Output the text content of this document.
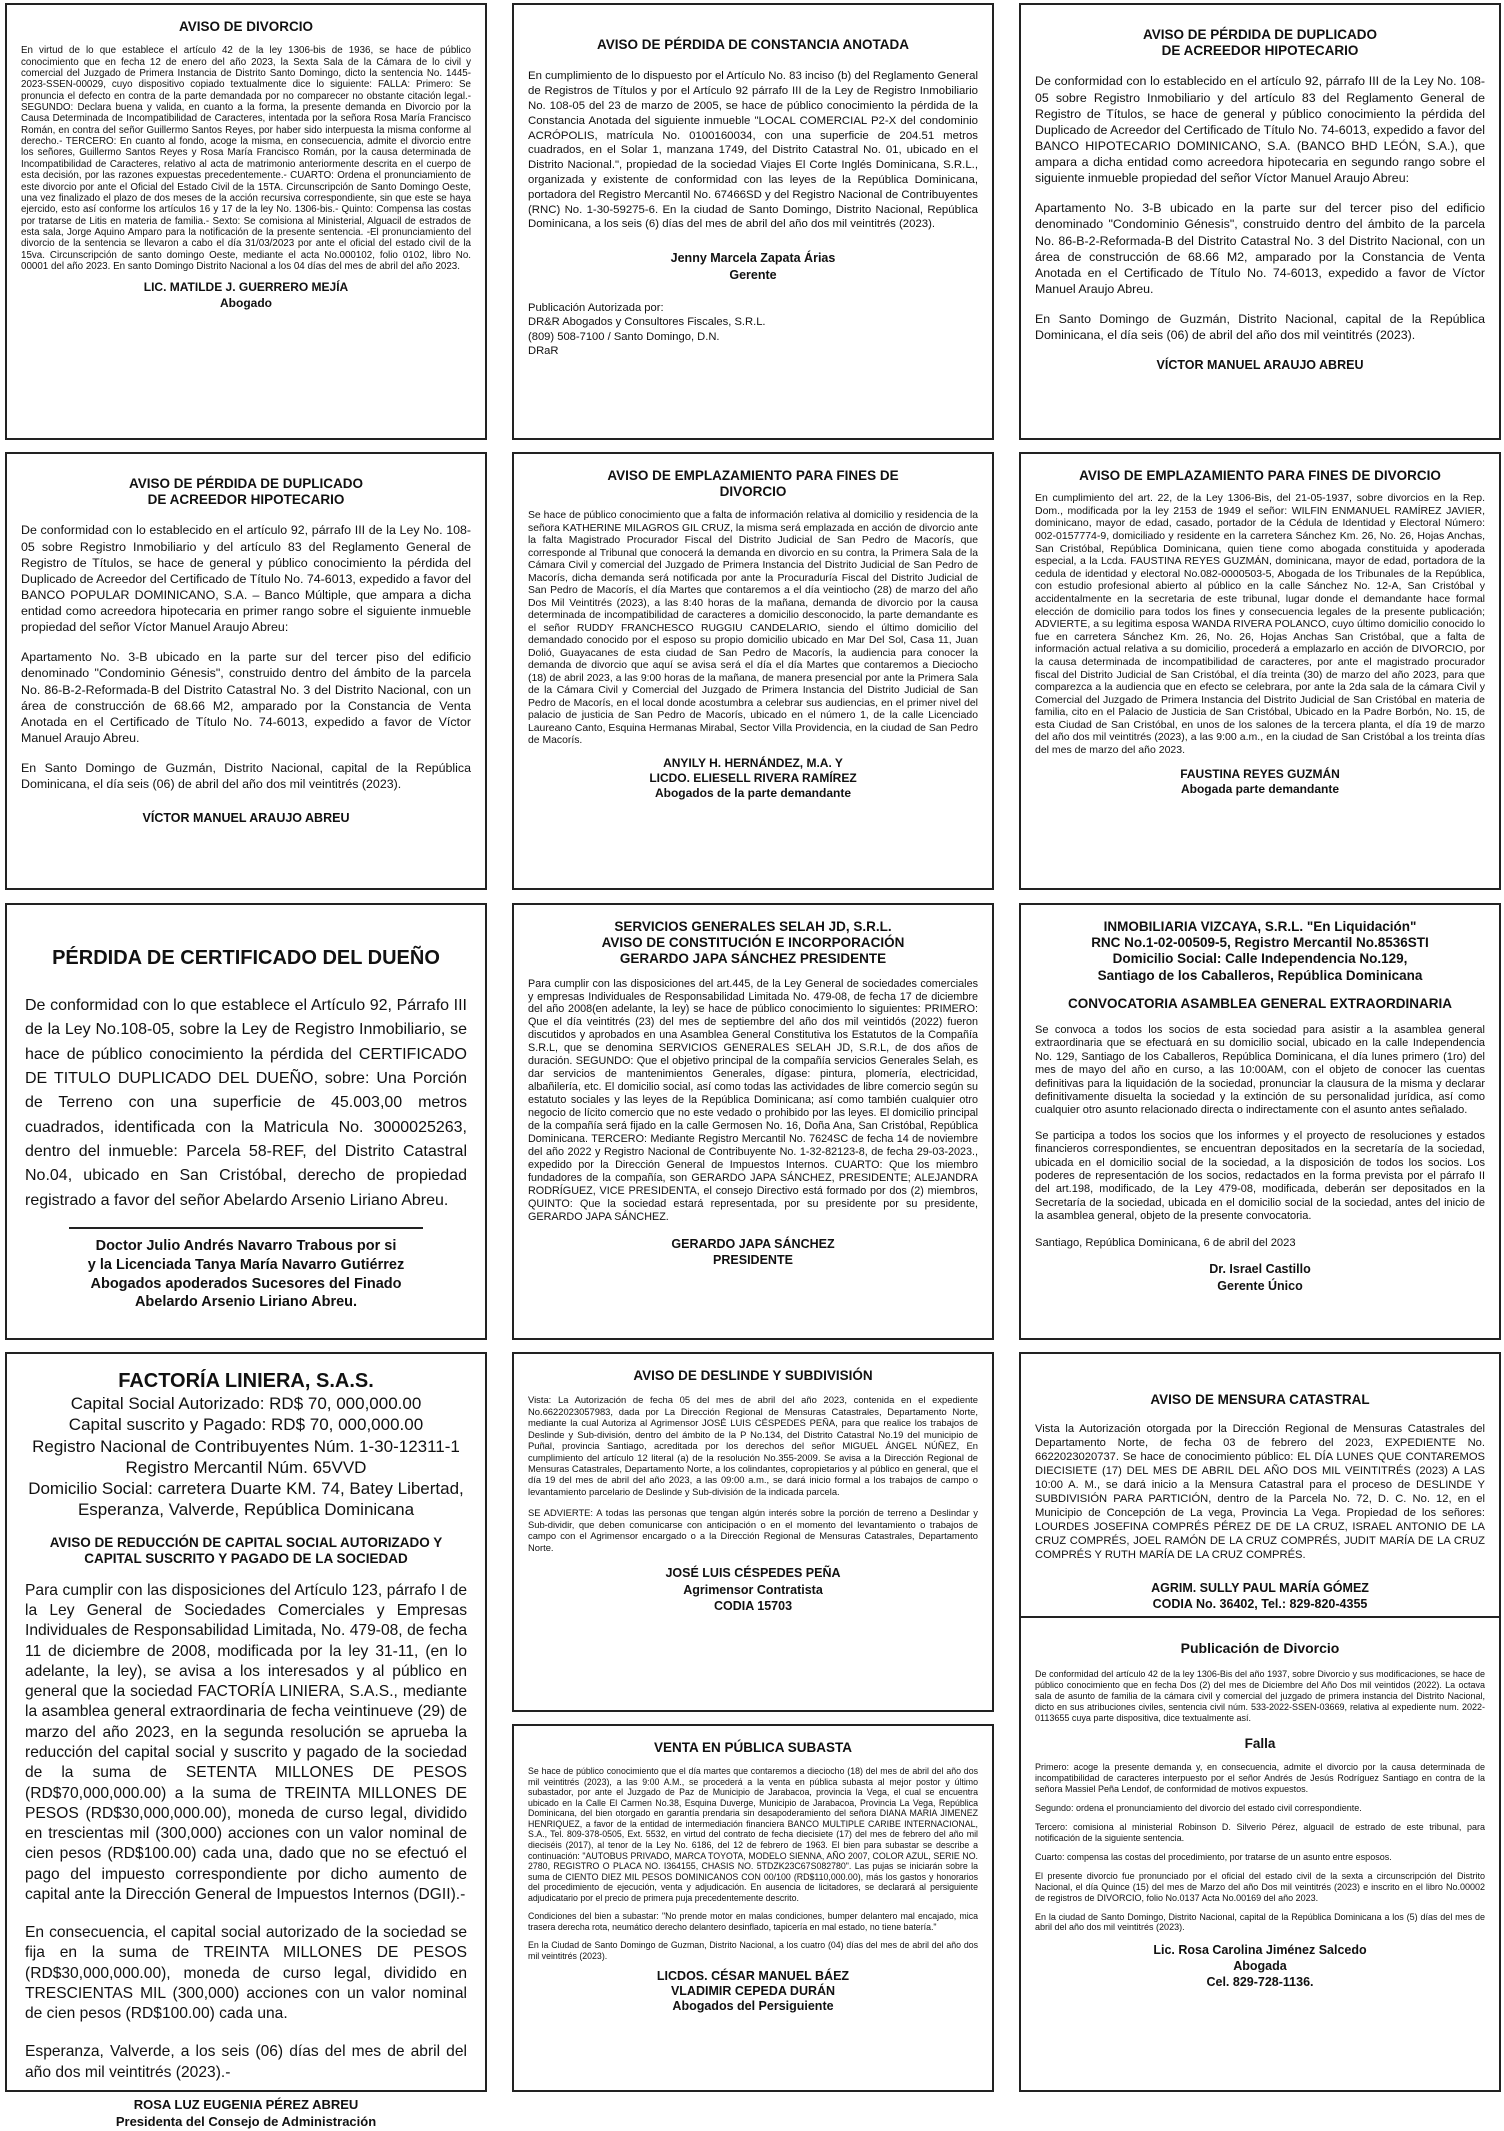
AVISO DE DIVORCIO
En virtud de lo que establece el artículo 42 de la ley 1306-bis de 1936, se hace de público conocimiento que en fecha 12 de enero del año 2023, la Sexta Sala de la Cámara de lo civil y comercial del Juzgado de Primera Instancia de Distrito Santo Domingo, dicto la sentencia No. 1445-2023-SSEN-00029, cuyo dispositivo copiado textualmente dice lo siguiente: FALLA: Primero: Se pronuncia el defecto en contra de la parte demandada por no comparecer no obstante citación legal.- SEGUNDO: Declara buena y valida, en cuanto a la forma, la presente demanda en Divorcio por la Causa Determinada de Incompatibilidad de Caracteres, intentada por la señora Rosa María Francisco Román, en contra del señor Guillermo Santos Reyes, por haber sido interpuesta la misma conforme al derecho.- TERCERO: En cuanto al fondo, acoge la misma, en consecuencia, admite el divorcio entre los señores, Guillermo Santos Reyes y Rosa María Francisco Román, por la causa determinada de Incompatibilidad de Caracteres, relativo al acta de matrimonio anteriormente descrita en el cuerpo de esta decisión, por las razones expuestas precedentemente.- CUARTO: Ordena el pronunciamiento de este divorcio por ante el Oficial del Estado Civil de la 15TA. Circunscripción de Santo Domingo Oeste, una vez finalizado el plazo de dos meses de la acción recursiva correspondiente, sin que este se haya ejercido, esto así conforme los artículos 16 y 17 de la ley No. 1306-bis.- Quinto: Compensa las costas por tratarse de Litis en materia de familia.- Sexto: Se comisiona al Ministerial, Alguacil de estrados de esta sala, Jorge Aquino Amparo para la notificación de la presente sentencia. -El pronunciamiento del divorcio de la sentencia se llevaron a cabo el día 31/03/2023 por ante el oficial del estado civil de la 15va. Circunscripción de santo domingo Oeste, mediante el acta No.000102, folio 0102, libro No. 00001 del año 2023. En santo Domingo Distrito Nacional a los 04 días del mes de abril del año 2023.
LIC. MATILDE J. GUERRERO MEJÍA
Abogado
AVISO DE PÉRDIDA DE CONSTANCIA ANOTADA
En cumplimiento de lo dispuesto por el Artículo No. 83 inciso (b) del Reglamento General de Registros de Títulos y por el Artículo 92 párrafo III de la Ley de Registro Inmobiliario No. 108-05 del 23 de marzo de 2005, se hace de público conocimiento la pérdida de la Constancia Anotada del siguiente inmueble "LOCAL COMERCIAL P2-X del condominio ACRÓPOLIS, matrícula No. 0100160034, con una superficie de 204.51 metros cuadrados, en el Solar 1, manzana 1749, del Distrito Catastral No. 01, ubicado en el Distrito Nacional.", propiedad de la sociedad Viajes El Corte Inglés Dominicana, S.R.L., organizada y existente de conformidad con las leyes de la República Dominicana, portadora del Registro Mercantil No. 67466SD y del Registro Nacional de Contribuyentes (RNC) No. 1-30-59275-6. En la ciudad de Santo Domingo, Distrito Nacional, República Dominicana, a los seis (6) días del mes de abril del año dos mil veintitrés (2023).
Jenny Marcela Zapata Árias
Gerente
Publicación Autorizada por:
DR&R Abogados y Consultores Fiscales, S.R.L.
(809) 508-7100 / Santo Domingo, D.N.
DRaR
AVISO DE PÉRDIDA DE DUPLICADO
DE ACREEDOR HIPOTECARIO

De conformidad con lo establecido en el artículo 92, párrafo III de la Ley No. 108-05 sobre Registro Inmobiliario y del artículo 83 del Reglamento General de Registro de Títulos, se hace de general y público conocimiento la pérdida del Duplicado de Acreedor del Certificado de Título No. 74-6013, expedido a favor del BANCO HIPOTECARIO DOMINICANO, S.A. (BANCO BHD LEÓN, S.A.), que ampara a dicha entidad como acreedora hipotecaria en segundo rango sobre el siguiente inmueble propiedad del señor Víctor Manuel Araujo Abreu:

Apartamento No. 3-B ubicado en la parte sur del tercer piso del edificio denominado "Condominio Génesis", construido dentro del ámbito de la parcela No. 86-B-2-Reformada-B del Distrito Catastral No. 3 del Distrito Nacional, con un área de construcción de 68.66 M2, amparado por la Constancia de Venta Anotada en el Certificado de Título No. 74-6013, expedido a favor de Víctor Manuel Araujo Abreu.

En Santo Domingo de Guzmán, Distrito Nacional, capital de la República Dominicana, el día seis (06) de abril del año dos mil veintitrés (2023).

VÍCTOR MANUEL ARAUJO ABREU
AVISO DE PÉRDIDA DE DUPLICADO
DE ACREEDOR HIPOTECARIO

De conformidad con lo establecido en el artículo 92, párrafo III de la Ley No. 108-05 sobre Registro Inmobiliario y del artículo 83 del Reglamento General de Registro de Títulos, se hace de general y público conocimiento la pérdida del Duplicado de Acreedor del Certificado de Título No. 74-6013, expedido a favor del BANCO POPULAR DOMINICANO, S.A. – Banco Múltiple, que ampara a dicha entidad como acreedora hipotecaria en primer rango sobre el siguiente inmueble propiedad del señor Víctor Manuel Araujo Abreu:

Apartamento No. 3-B ubicado en la parte sur del tercer piso del edificio denominado "Condominio Génesis", construido dentro del ámbito de la parcela No. 86-B-2-Reformada-B del Distrito Catastral No. 3 del Distrito Nacional, con un área de construcción de 68.66 M2, amparado por la Constancia de Venta Anotada en el Certificado de Título No. 74-6013, expedido a favor de Víctor Manuel Araujo Abreu.

En Santo Domingo de Guzmán, Distrito Nacional, capital de la República Dominicana, el día seis (06) de abril del año dos mil veintitrés (2023).

VÍCTOR MANUEL ARAUJO ABREU
AVISO DE EMPLAZAMIENTO PARA FINES DE
DIVORCIO
Se hace de público conocimiento que a falta de información relativa al domicilio y residencia de la señora KATHERINE MILAGROS GIL CRUZ, la misma será emplazada en acción de divorcio ante la falta Magistrado Procurador Fiscal del Distrito Judicial de San Pedro de Macorís, que corresponde al Tribunal que conocerá la demanda en divorcio en su contra, la Primera Sala de la Cámara Civil y comercial del Juzgado de Primera Instancia del Distrito Judicial de San Pedro de Macorís, dicha demanda será notificada por ante la Procuraduría Fiscal del Distrito Judicial de San Pedro de Macorís, el día Martes que contaremos a el día veintiocho (28) de marzo del año Dos Mil Veintitrés (2023), a las 8:40 horas de la mañana, demanda de divorcio por la causa determinada de incompatibilidad de caracteres a domicilio desconocido, la parte demandante es el señor RUDDY FRANCHESCO RUGGIU CANDELARIO, siendo el último domicilio del demandado conocido por el esposo su propio domicilio ubicado en Mar Del Sol, Casa 11, Juan Dolió, Guayacanes de esta ciudad de San Pedro de Macorís, la audiencia para conocer la demanda de divorcio que aquí se avisa será el día el día Martes que contaremos a Dieciocho (18) de abril 2023, a las 9:00 horas de la mañana, de manera presencial por ante la Primera Sala de la Cámara Civil y Comercial del Juzgado de Primera Instancia del Distrito Judicial de San Pedro de Macorís, en el local donde acostumbra a celebrar sus audiencias, en el primer nivel del palacio de justicia de San Pedro de Macorís, ubicado en el número 1, de la calle Licenciado Laureano Canto, Esquina Hermanas Mirabal, Sector Villa Providencia, en la ciudad de San Pedro de Macorís.
ANYILY H. HERNÁNDEZ, M.A. Y
LICDO. ELIESELL RIVERA RAMÍREZ
Abogados de la parte demandante
AVISO DE EMPLAZAMIENTO PARA FINES DE DIVORCIO
En cumplimiento del art. 22, de la Ley 1306-Bis, del 21-05-1937, sobre divorcios en la Rep. Dom., modificada por la ley 2153 de 1949 el señor: WILFIN ENMANUEL RAMÍREZ JAVIER, dominicano, mayor de edad, casado, portador de la Cédula de Identidad y Electoral Número: 002-0157774-9, domiciliado y residente en la carretera Sánchez Km. 26, No. 26, Hojas Anchas, San Cristóbal, República Dominicana, quien tiene como abogada constituida y apoderada especial, a la Lcda. FAUSTINA REYES GUZMÁN, dominicana, mayor de edad, portadora de la cedula de identidad y electoral No.082-0000503-5, Abogada de los Tribunales de la República, con estudio profesional abierto al público en la calle Sánchez No. 12-A, San Cristóbal y accidentalmente en la secretaria de este tribunal, lugar donde el demandante hace formal elección de domicilio para todos los fines y consecuencia legales de la presente publicación; ADVIERTE, a su legitima esposa WANDA RIVERA POLANCO, cuyo último domicilio conocido lo fue en carretera Sánchez Km. 26, No. 26, Hojas Anchas San Cristóbal, que a falta de información actual relativa a su domicilio, procederá a emplazarlo en acción de DIVORCIO, por la causa determinada de incompatibilidad de caracteres, por ante el magistrado procurador fiscal del Distrito Judicial de San Cristóbal, el día treinta (30) de marzo del año 2023, para que comparezca a la audiencia que en efecto se celebrara, por ante la 2da sala de la cámara Civil y Comercial del Juzgado de Primera Instancia del Distrito Judicial de San Cristóbal en materia de familia, cito en el Palacio de Justicia de San Cristóbal, Ubicado en la Padre Borbón, No. 15, de esta Ciudad de San Cristóbal, en unos de los salones de la tercera planta, el día 19 de marzo del año dos mil veintitrés (2023), a las 9:00 a.m., en la ciudad de San Cristóbal a los treinta días del mes de marzo del año 2023.
FAUSTINA REYES GUZMÁN
Abogada parte demandante
PÉRDIDA DE CERTIFICADO DEL DUEÑO
De conformidad con lo que establece el Artículo 92, Párrafo III de la Ley No.108-05, sobre la Ley de Registro Inmobiliario, se hace de público conocimiento la pérdida del CERTIFICADO DE TITULO DUPLICADO DEL DUEÑO, sobre: Una Porción de Terreno con una superficie de 45.003,00 metros cuadrados, identificada con la Matricula No. 3000025263, dentro del inmueble: Parcela 58-REF, del Distrito Catastral No.04, ubicado en San Cristóbal, derecho de propiedad registrado a favor del señor Abelardo Arsenio Liriano Abreu.
Doctor Julio Andrés Navarro Trabous por si
y la Licenciada Tanya María Navarro Gutiérrez
Abogados apoderados Sucesores del Finado
Abelardo Arsenio Liriano Abreu.
SERVICIOS GENERALES SELAH JD, S.R.L.
AVISO DE CONSTITUCIÓN E INCORPORACIÓN
GERARDO JAPA SÁNCHEZ PRESIDENTE
Para cumplir con las disposiciones del art.445, de la Ley General de sociedades comerciales y empresas Individuales de Responsabilidad Limitada No. 479-08, de fecha 17 de diciembre del año 2008(en adelante, la ley) se hace de público conocimiento lo siguientes: PRIMERO: Que el día veintitrés (23) del mes de septiembre del año dos mil veintidós (2022) fueron discutidos y aprobados en una Asamblea General Constitutiva los Estatutos de la Compañía S.R.L, que se denomina SERVICIOS GENERALES SELAH JD, S.R.L, de dos años de duración. SEGUNDO: Que el objetivo principal de la compañía servicios Generales Selah, es dar servicios de mantenimientos Generales, dígase: pintura, plomería, electricidad, albañilería, etc. El domicilio social, así como todas las actividades de libre comercio según su estatuto sociales y las leyes de la República Dominicana; así como también cualquier otro negocio de lícito comercio que no este vedado o prohibido por las leyes. El domicilio principal de la compañía será fijado en la calle Germosen No. 16, Doña Ana, San Cristóbal, República Dominicana. TERCERO: Mediante Registro Mercantil No. 7624SC de fecha 14 de noviembre del año 2022 y Registro Nacional de Contribuyente No. 1-32-82123-8, de fecha 29-03-2023., expedido por la Dirección General de Impuestos Internos. CUARTO: Que los miembro fundadores de la compañía, son GERARDO JAPA SÁNCHEZ, PRESIDENTE; ALEJANDRA RODRÍGUEZ, VICE PRESIDENTA, el consejo Directivo está formado por dos (2) miembros, QUINTO: Que la sociedad estará representada, por su presidente por su presidente, GERARDO JAPA SÁNCHEZ.
GERARDO JAPA SÁNCHEZ
PRESIDENTE
INMOBILIARIA VIZCAYA, S.R.L. "En Liquidación"
RNC No.1-02-00509-5, Registro Mercantil No.8536STI
Domicilio Social: Calle Independencia No.129,
Santiago de los Caballeros, República Dominicana
CONVOCATORIA ASAMBLEA GENERAL EXTRAORDINARIA

Se convoca a todos los socios de esta sociedad para asistir a la asamblea general extraordinaria que se efectuará en su domicilio social, ubicado en la calle Independencia No. 129, Santiago de los Caballeros, República Dominicana, el día lunes primero (1ro) del mes de mayo del año en curso, a las 10:00AM, con el objeto de conocer las cuentas definitivas para la liquidación de la sociedad, pronunciar la clausura de la misma y declarar definitivamente disuelta la sociedad y la extinción de su personalidad jurídica, así como cualquier otro asunto relacionado directa o indirectamente con el asunto antes señalado.

Se participa a todos los socios que los informes y el proyecto de resoluciones y estados financieros correspondientes, se encuentran depositados en la secretaría de la sociedad, ubicada en el domicilio social de la sociedad, a la disposición de todos los socios. Los poderes de representación de los socios, redactados en la forma prevista por el párrafo II del art.198, modificado, de la Ley 479-08, modificada, deberán ser depositados en la Secretaría de la sociedad, ubicada en el domicilio social de la sociedad, antes del inicio de la asamblea general, objeto de la presente convocatoria.

Santiago, República Dominicana, 6 de abril del 2023

Dr. Israel Castillo
Gerente Único
FACTORÍA LINIERA, S.A.S.
Capital Social Autorizado: RD$ 70, 000,000.00
Capital suscrito y Pagado: RD$ 70, 000,000.00
Registro Nacional de Contribuyentes Núm. 1-30-12311-1
Registro Mercantil Núm. 65VVD
Domicilio Social: carretera Duarte KM. 74, Batey Libertad,
Esperanza, Valverde, República Dominicana
AVISO DE REDUCCIÓN DE CAPITAL SOCIAL AUTORIZADO Y
CAPITAL SUSCRITO Y PAGADO DE LA SOCIEDAD

Para cumplir con las disposiciones del Artículo 123, párrafo I de la Ley General de Sociedades Comerciales y Empresas Individuales de Responsabilidad Limitada, No. 479-08, de fecha 11 de diciembre de 2008, modificada por la ley 31-11, (en lo adelante, la ley), se avisa a los interesados y al público en general que la sociedad FACTORÍA LINIERA, S.A.S., mediante la asamblea general extraordinaria de fecha veintinueve (29) de marzo del año 2023, en la segunda resolución se aprueba la reducción del capital social y suscrito y pagado de la sociedad de la suma de SETENTA MILLONES DE PESOS (RD$70,000,000.00) a la suma de TREINTA MILLONES DE PESOS (RD$30,000,000.00), moneda de curso legal, dividido en trescientas mil (300,000) acciones con un valor nominal de cien pesos (RD$100.00) cada una, dado que no se efectuó el pago del impuesto correspondiente por dicho aumento de capital ante la Dirección General de Impuestos Internos (DGII).-

En consecuencia, el capital social autorizado de la sociedad se fija en la suma de TREINTA MILLONES DE PESOS (RD$30,000,000.00), moneda de curso legal, dividido en TRESCIENTAS MIL (300,000) acciones con un valor nominal de cien pesos (RD$100.00) cada una.

Esperanza, Valverde, a los seis (06) días del mes de abril del año dos mil veintitrés (2023).-

ROSA LUZ EUGENIA PÉREZ ABREU
Presidenta del Consejo de Administración
AVISO DE DESLINDE Y SUBDIVISIÓN

Vista: La Autorización de fecha 05 del mes de abril del año 2023, contenida en el expediente No.6622023057983, dada por La Dirección Regional de Mensuras Catastrales, Departamento Norte, mediante la cual Autoriza al Agrimensor JOSÉ LUIS CÉSPEDES PEÑA, para que realice los trabajos de Deslinde y Sub-división, dentro del ámbito de la P No.134, del Distrito Catastral No.19 del municipio de Puñal, provincia Santiago, acreditada por los derechos del señor MIGUEL ÁNGEL NÚÑEZ, En cumplimiento del artículo 12 literal (a) de la resolución No.355-2009. Se avisa a la Dirección Regional de Mensuras Catastrales, Departamento Norte, a los colindantes, copropietarios y al público en general, que el día 19 del mes de abril del año 2023, a las 09:00 a.m., se dará inicio formal a los trabajos de campo o levantamiento parcelario de Deslinde y Sub-división de la indicada parcela.

SE ADVIERTE: A todas las personas que tengan algún interés sobre la porción de terreno a Deslindar y Sub-dividir, que deben comunicarse con anticipación o en el momento del levantamiento o trabajos de campo con el Agrimensor encargado o a la Dirección Regional de Mensuras Catastrales, Departamento Norte.

JOSÉ LUIS CÉSPEDES PEÑA
Agrimensor Contratista
CODIA 15703
AVISO DE MENSURA CATASTRAL
Vista la Autorización otorgada por la Dirección Regional de Mensuras Catastrales del Departamento Norte, de fecha 03 de febrero del 2023, EXPEDIENTE No. 6622023020737. Se hace de conocimiento público: EL DÍA LUNES QUE CONTAREMOS DIECISIETE (17) DEL MES DE ABRIL DEL AÑO DOS MIL VEINTITRÉS (2023) A LAS 10:00 A. M., se dará inicio a la Mensura Catastral para el proceso de DESLINDE Y SUBDIVISIÓN PARA PARTICIÓN, dentro de la Parcela No. 72, D. C. No. 12, en el Municipio de Concepción de La vega, Provincia La Vega. Propiedad de los señores: LOURDES JOSEFINA COMPRÉS PÉREZ DE DE LA CRUZ, ISRAEL ANTONIO DE LA CRUZ COMPRÉS, JOEL RAMÓN DE LA CRUZ COMPRÉS, JUDIT MARÍA DE LA CRUZ COMPRÉS Y RUTH MARÍA DE LA CRUZ COMPRÉS.
AGRIM. SULLY PAUL MARÍA GÓMEZ
CODIA No. 36402, Tel.: 829-820-4355
VENTA EN PÚBLICA SUBASTA

Se hace de público conocimiento que el día martes que contaremos a dieciocho (18) del mes de abril del año dos mil veintitrés (2023), a las 9:00 A.M., se procederá a la venta en pública subasta al mejor postor y último subastador, por ante el Juzgado de Paz de Municipio de Jarabacoa, provincia la Vega, el cual se encuentra ubicado en la Calle El Carmen No.38, Esquina Duverge, Municipio de Jarabacoa, Provincia La Vega, República Dominicana, del bien otorgado en garantía prendaria sin desapoderamiento del señora DIANA MARIA JIMENEZ HENRIQUEZ, a favor de la entidad de intermediación financiera BANCO MULTIPLE CARIBE INTERNACIONAL, S.A., Tel. 809-378-0505, Ext. 5532, en virtud del contrato de fecha diecisiete (17) del mes de febrero del año mil dieciséis (2017), al tenor de la Ley No. 6186, del 12 de febrero de 1963. El bien para subastar se describe a continuación: "AUTOBUS PRIVADO, MARCA TOYOTA, MODELO SIENNA, AÑO 2007, COLOR AZUL, SERIE NO. 2780, REGISTRO O PLACA NO. I364155, CHASIS NO. 5TDZK23C67S082780". Las pujas se iniciarán sobre la suma de CIENTO DIEZ MIL PESOS DOMINICANOS CON 00/100 (RD$110,000.00), más los gastos y honorarios del procedimiento de ejecución, venta y adjudicación. En ausencia de licitadores, se declarará al persiguiente adjudicatario por el precio de primera puja precedentemente descrito.

Condiciones del bien a subastar: "No prende motor en malas condiciones, bumper delantero mal encajado, mica trasera derecha rota, neumático derecho delantero desinflado, tapicería en mal estado, no tiene batería."

En la Ciudad de Santo Domingo de Guzman, Distrito Nacional, a los cuatro (04) días del mes de abril del año dos mil veintitrés (2023).

LICDOS. CÉSAR MANUEL BÁEZ
VLADIMIR CEPEDA DURÁN
Abogados del Persiguiente
Publicación de Divorcio

De conformidad del artículo 42 de la ley 1306-Bis del año 1937, sobre Divorcio y sus modificaciones, se hace de público conocimiento que en fecha Dos (2) del mes de Diciembre del Año Dos mil veintidos (2022). La octava sala de asunto de familia de la cámara civil y comercial del juzgado de primera instancia del Distrito Nacional, dicto en sus atribuciones civiles, sentencia civil núm. 533-2022-SSEN-03669, relativa al expediente num. 2022-0113655 cuya parte dispositiva, dice textualmente así.

Falla

Primero: acoge la presente demanda y, en consecuencia, admite el divorcio por la causa determinada de incompatibilidad de caracteres interpuesto por el señor Andrés de Jesús Rodríguez Santiago en contra de la señora Massiel Peña Lendof, de conformidad de motivos expuestos.

Segundo: ordena el pronunciamiento del divorcio del estado civil correspondiente.

Tercero: comisiona al ministerial Robinson D. Silverio Pérez, alguacil de estrado de este tribunal, para notificación de la siguiente sentencia.

Cuarto: compensa las costas del procedimiento, por tratarse de un asunto entre esposos.

El presente divorcio fue pronunciado por el oficial del estado civil de la sexta a circunscripción del Distrito Nacional, el día Quince (15) del mes de Marzo del año Dos mil veintitrés (2023) e inscrito en el libro No.00002 de registros de DIVORCIO, folio No.0137 Acta No.00169 del año 2023.

En la ciudad de Santo Domingo, Distrito Nacional, capital de la República Dominicana a los (5) días del mes de abril del año dos mil veintitrés (2023).

Lic. Rosa Carolina Jiménez Salcedo
Abogada
Cel. 829-728-1136.
